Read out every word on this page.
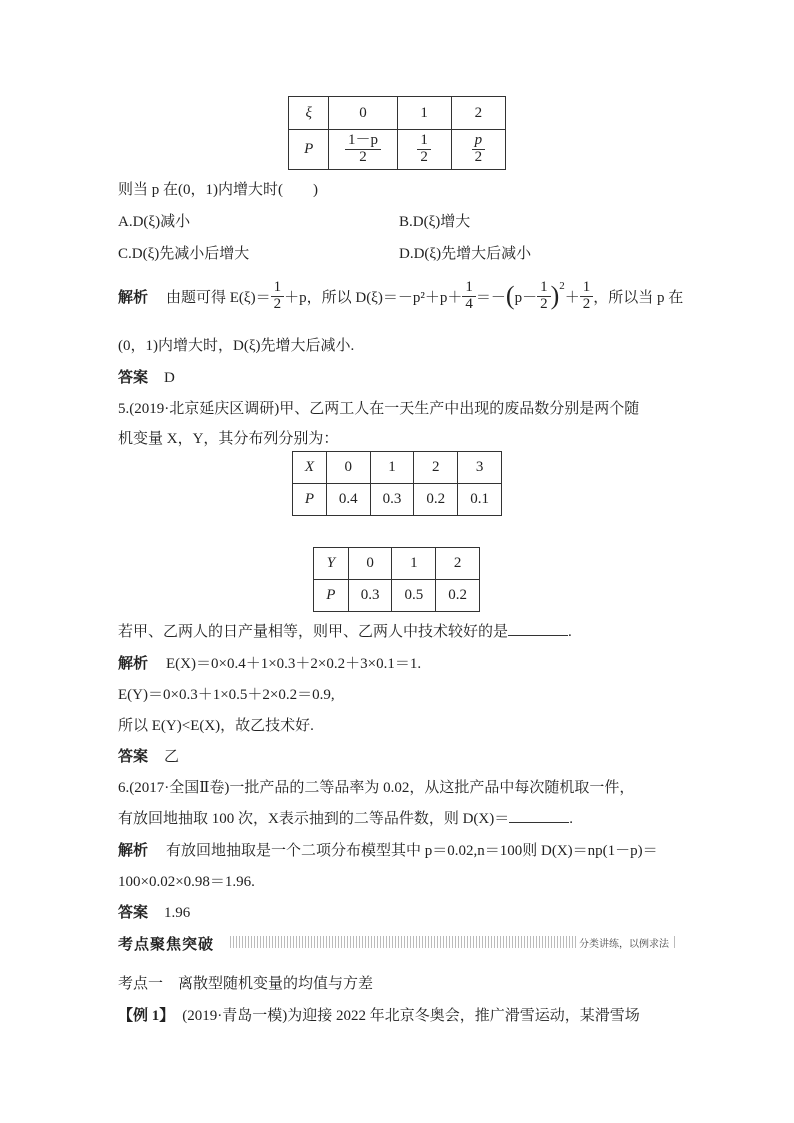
ξ	0	1	2
P	$\frac{1-p}{2}$	$\frac{1}{2}$	$\frac{p}{2}$
则当 p 在(0，1)内增大时( )
A.D(ξ)减小	B.D(ξ)增大
C.D(ξ)先减小后增大	D.D(ξ)先增大后减小
解析 由题可得 $E(\xi)= \frac{1}{2} +p$，所以 $D(\xi)=-p^2+p+ \frac{1}{4}$ ＝－ ( $p- \frac{1}{2} )^2$
＋ $\frac{1}{2}$ ，所以当 p 在
(0，1)内增大时，D(ξ)先增大后减小.
答案 D
5.(2019·北京延庆区调研)甲、乙两工人在一天生产中出现的废品数分别是两个随
机变量 X，Y，其分布列分别为：
X	0	1	2	3
P	0.4	0.3	0.2	0.1
Y	0	1	2
P	0.3	0.5	0.2
若甲、乙两人的日产量相等，则甲、乙两人中技术较好的是	.
解析 E(X)＝0×0.4＋1×0.3＋2×0.2＋3×0.1＝1.
E(Y)＝0×0.3＋1×0.5＋2×0.2＝0.9,
所以 E(Y)<E(X)，故乙技术好.
答案 乙
6.(2017·全国Ⅱ卷)一批产品的二等品率为 0.02，从这批产品中每次随机取一件，
有放回地抽取 100 次，X表示抽到的二等品件数，则 D(X)＝	.
解析 有放回地抽取是一个二项分布模型其中 p＝0.02,n＝100则 D(X)＝np(1－p)＝
100×0.02×0.98＝1.96.
答案 1.96
考点聚焦突破	分类讲练，以例求法
考点一　离散型随机变量的均值与方差
【例 1】 (2019·青岛一模)为迎接 2022 年北京冬奥会，推广滑雪运动，某滑雪场
